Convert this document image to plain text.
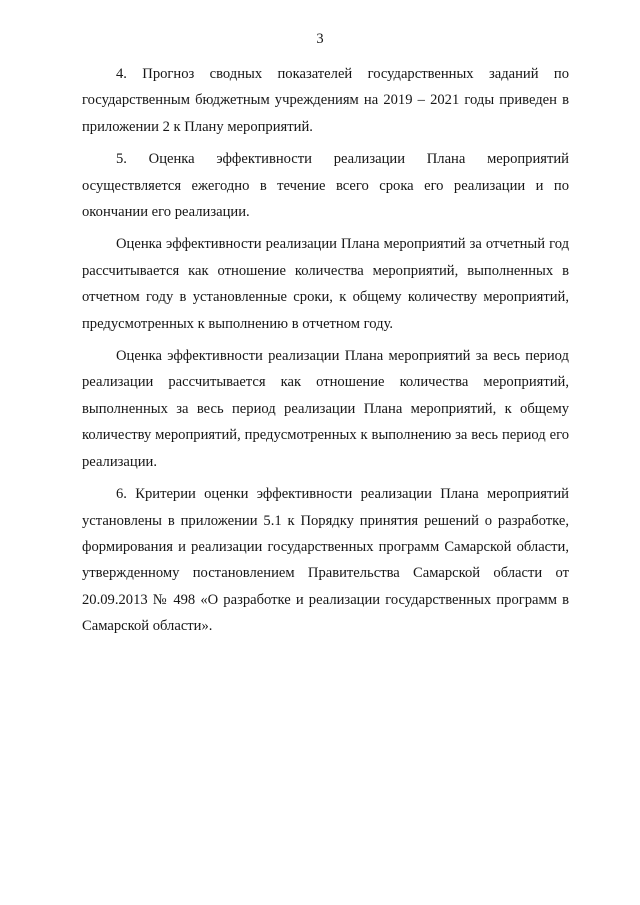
3

4. Прогноз сводных показателей государственных заданий по государственным бюджетным учреждениям на 2019 – 2021 годы приведен в приложении 2 к Плану мероприятий.

5. Оценка эффективности реализации Плана мероприятий осуществляется ежегодно в течение всего срока его реализации и по окончании его реализации.

Оценка эффективности реализации Плана мероприятий за отчетный год рассчитывается как отношение количества мероприятий, выполненных в отчетном году в установленные сроки, к общему количеству мероприятий, предусмотренных к выполнению в отчетном году.

Оценка эффективности реализации Плана мероприятий за весь период реализации рассчитывается как отношение количества мероприятий, выполненных за весь период реализации Плана мероприятий, к общему количеству мероприятий, предусмотренных к выполнению за весь период его реализации.

6. Критерии оценки эффективности реализации Плана мероприятий установлены в приложении 5.1 к Порядку принятия решений о разработке, формирования и реализации государственных программ Самарской области, утвержденному постановлением Правительства Самарской области от 20.09.2013 № 498 «О разработке и реализации государственных программ в Самарской области».
